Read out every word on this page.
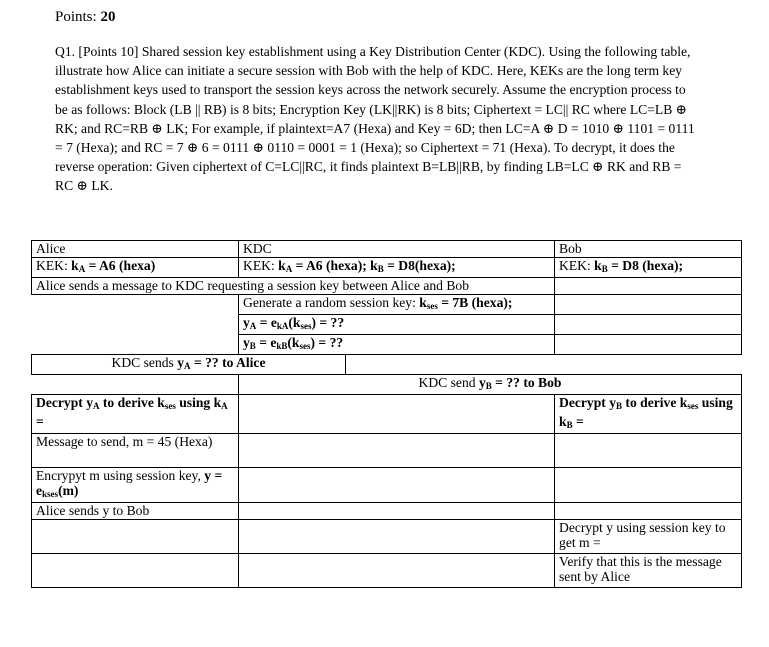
Points: 20
Q1. [Points 10] Shared session key establishment using a Key Distribution Center (KDC). Using the following table, illustrate how Alice can initiate a secure session with Bob with the help of KDC. Here, KEKs are the long term key establishment keys used to transport the session keys across the network securely. Assume the encryption process to be as follows: Block (LB || RB) is 8 bits; Encryption Key (LK||RK) is 8 bits; Ciphertext = LC|| RC where LC=LB ⊕ RK; and RC=RB ⊕ LK; For example, if plaintext=A7 (Hexa) and Key = 6D; then LC=A ⊕ D = 1010 ⊕ 1101 = 0111 = 7 (Hexa); and RC = 7 ⊕ 6 = 0111 ⊕ 0110 = 0001 = 1 (Hexa); so Ciphertext = 71 (Hexa). To decrypt, it does the reverse operation: Given ciphertext of C=LC||RC, it finds plaintext B=LB||RB, by finding LB=LC ⊕ RK and RB = RC ⊕ LK.
Alice	KDC		Bob
KEK: $k_A = A6$ (hexa)	KEK: $k_A = A6$ (hexa); $k_B$ = D8(hexa);		KEK: $k_B = D8$ (hexa);
Alice sends a message to KDC requesting a session key between Alice and Bob			
	Generate a random session key: $k_{ses} = 7B$ (hexa);		
	$y_A = e_{kA}(k_{ses})$ = ??		
	$y_B = e_{kB}(k_{ses})$ = ??		
KDC sends $y_A$ = ?? to Alice			
	KDC send $y_B$ = ?? to Bob		
Decrypt $y_A$ to derive $k_{ses}$ using $k_A$ =			Decrypt $y_B$ to derive $k_{ses}$ using $k_B$ =
Message to send, m = 45 (Hexa)			
Encrypyt m using session key, $y = e_{kses}(m)$			
Alice sends y to Bob			
			Decrypt y using session key to get m =
			Verify that this is the message sent by Alice
